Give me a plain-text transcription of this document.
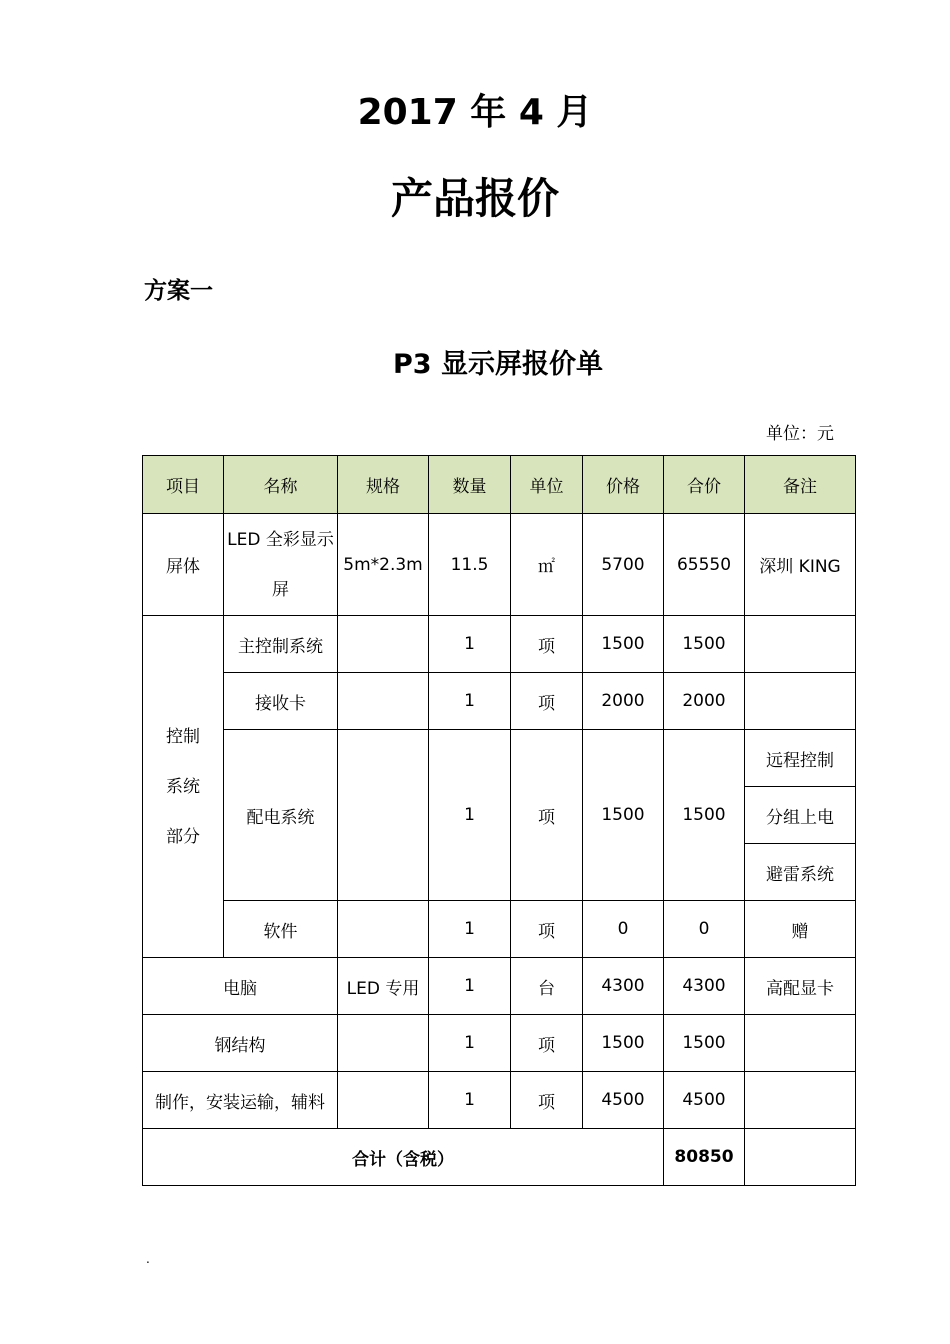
2017 年 4 月
产品报价
方案一
P3 显示屏报价单
单位：元
项目	名称	规格	数量	单位	价格	合价	备注
屏体	LED 全彩显示屏	5m*2.3m	11.5	㎡	5700	65550	深圳 KING

控制系统部分	主控制系统		1	项	1500	1500	
	接收卡		1	项	2000	2000	
	配电系统		1	项	1500	1500	远程控制
							分组上电
							避雷系统
	软件		1	项	0	0	赠
电脑		LED 专用	1	台	4300	4300	高配显卡
钢结构			1	项	1500	1500	
制作，安装运输，辅料			1	项	4500	4500	
合计（含税）						80850	
.
